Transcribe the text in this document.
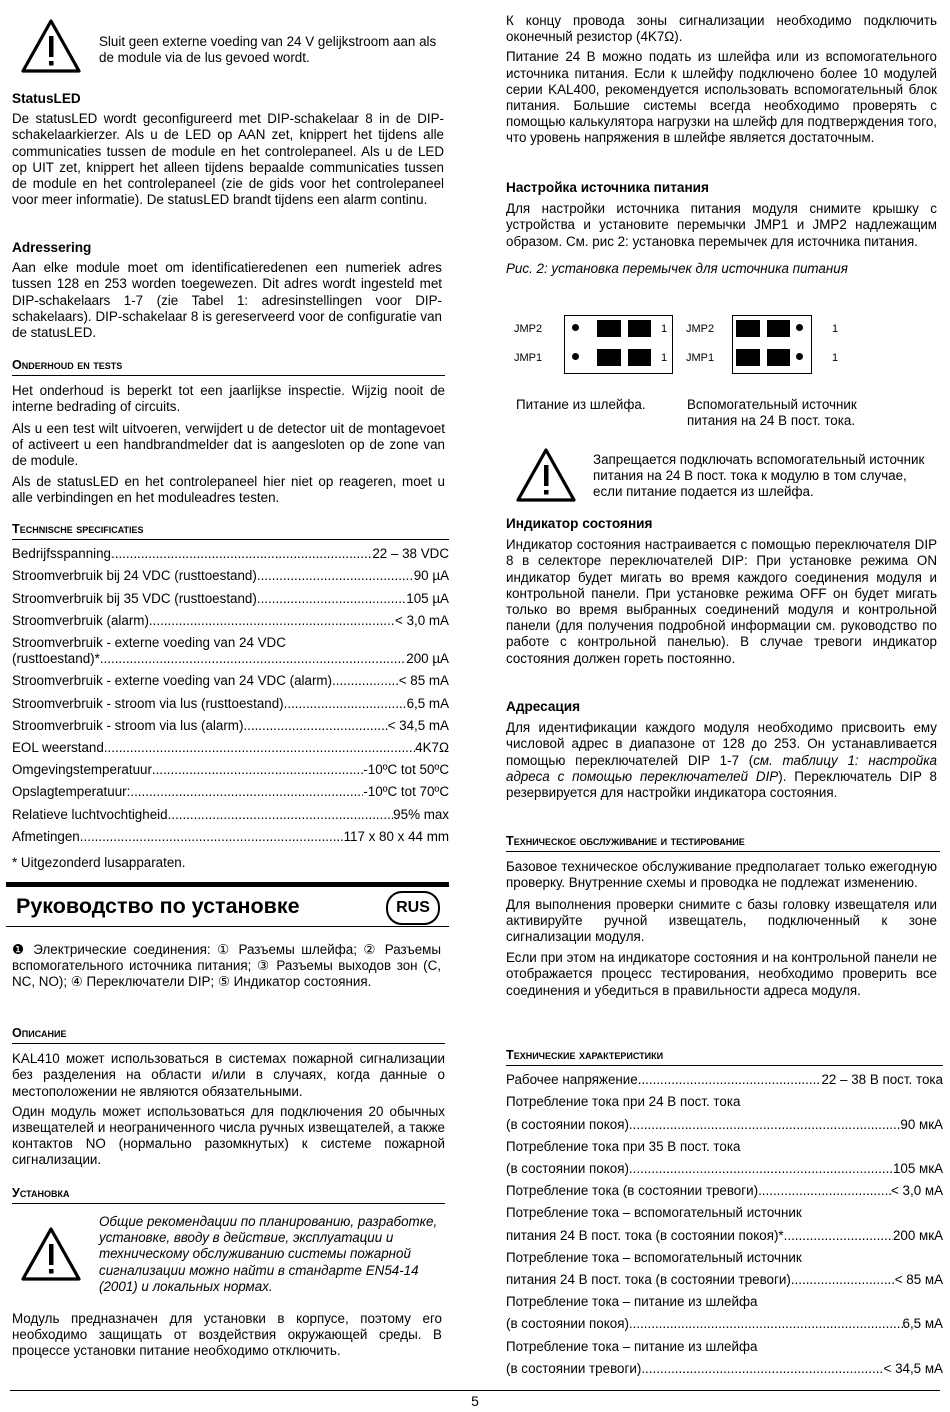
Sluit geen externe voeding van 24 V gelijkstroom aan als de module via de lus gevoed wordt.

StatusLED

De statusLED wordt geconfigureerd met DIP-schakelaar 8 in de DIP-schakelaarkierzer. Als u de LED op AAN zet, knippert het tijdens alle communicaties tussen de module en het controlepaneel. Als u de LED op UIT zet, knippert het alleen tijdens bepaalde communicaties tussen de module en het controlepaneel (zie de gids voor het controlepaneel voor meer informatie). De statusLED brandt tijdens een alarm continu.

Adressering

Aan elke module moet om identificatieredenen een numeriek adres tussen 128 en 253 worden toegewezen. Dit adres wordt ingesteld met DIP-schakelaars 1-7 (zie Tabel 1: adresinstellingen voor DIP-schakelaars). DIP-schakelaar 8 is gereserveerd voor de configuratie van de statusLED.

Onderhoud en tests

Het onderhoud is beperkt tot een jaarlijkse inspectie. Wijzig nooit de interne bedrading of circuits.

Als u een test wilt uitvoeren, verwijdert u de detector uit de montagevoet of activeert u een handbrandmelder dat is aangesloten op de zone van de module.

Als de statusLED en het controlepaneel hier niet op reageren, moet u alle verbindingen en het moduleadres testen.

Technische specificaties

Bedrijfsspanning .....	22 – 38 VDC
Stroomverbruik bij 24 VDC (rusttoestand) .....	90 µA
Stroomverbruik bij 35 VDC (rusttoestand) .....	105 µA
Stroomverbruik (alarm) .....	< 3,0 mA
Stroomverbruik - externe voeding van 24 VDC
(rusttoestand)* .....	200 µA
Stroomverbruik - externe voeding van 24 VDC (alarm) .....	< 85 mA
Stroomverbruik - stroom via lus (rusttoestand) .....	6,5 mA
Stroomverbruik - stroom via lus (alarm) .....	< 34,5 mA
EOL weerstand .....	4K7Ω
Omgevingstemperatuur .....	-10ºC tot 50ºC
Opslagtemperatuur: .....	-10ºC tot 70ºC
Relatieve luchtvochtigheid .....	95% max
Afmetingen .....	117 x 80 x 44 mm

* Uitgezonderd lusapparaten.

Руководство по установке	RUS

❶ Электрические соединения: ① Разъемы шлейфа; ② Разъемы вспомогательного источника питания; ③ Разъемы выходов зон (C, NC, NO); ④ Переключатели DIP; ⑤ Индикатор состояния.

Описание

KAL410 может использоваться в системах пожарной сигнализации без разделения на области и/или в случаях, когда данные о местоположении не являются обязательными.

Один модуль может использоваться для подключения 20 обычных извещателей и неограниченного числа ручных извещателей, а также контактов NO (нормально разомкнутых) к системе пожарной сигнализации.

Установка

Общие рекомендации по планированию, разработке, установке, вводу в действие, эксплуатации и техническому обслуживанию системы пожарной сигнализации можно найти в стандарте EN54-14 (2001) и локальных нормах.

Модуль предназначен для установки в корпусе, поэтому его необходимо защищать от воздействия окружающей среды. В процессе установки питание необходимо отключить.

К концу провода зоны сигнализации необходимо подключить оконечный резистор (4K7Ω).

Питание 24 В можно подать из шлейфа или из вспомогательного источника питания. Если к шлейфу подключено более 10 модулей серии KAL400, рекомендуется использовать вспомогательный блок питания. Большие системы всегда необходимо проверять с помощью калькулятора нагрузки на шлейф для подтверждения того, что уровень напряжения в шлейфе является достаточным.

Настройка источника питания

Для настройки источника питания модуля снимите крышку с устройства и установите перемычки JMP1 и JMP2 надлежащим образом. См. рис 2: установка перемычек для источника питания.

Рис. 2: установка перемычек для источника питания

JMP2
JMP1
1
1
JMP2
JMP1
1
1

Питание из шлейфа.	Вспомогательный источник питания на 24 В пост. тока.

Запрещается подключать вспомогательный источник питания на 24 В пост. тока к модулю в том случае, если питание подается из шлейфа.

Индикатор состояния

Индикатор состояния настраивается с помощью переключателя DIP 8 в селекторе переключателей DIP: При установке режима ON индикатор будет мигать во время каждого соединения модуля и контрольной панели. При установке режима OFF он будет мигать только во время выбранных соединений модуля и контрольной панели (для получения подробной информации см. руководство по работе с контрольной панелью). В случае тревоги индикатор состояния должен гореть постоянно.

Адресация

Для идентификации каждого модуля необходимо присвоить ему числовой адрес в диапазоне от 128 до 253. Он устанавливается помощью переключателей DIP 1-7 (см. таблицу 1: настройка адреса с помощью переключателей DIP). Переключатель DIP 8 резервируется для настройки индикатора состояния.

Техническое обслуживание и тестирование

Базовое техническое обслуживание предполагает только ежегодную проверку. Внутренние схемы и проводка не подлежат изменению.

Для выполнения проверки снимите с базы головку извещателя или активируйте ручной извещатель, подключенный к зоне сигнализации модуля.

Если при этом на индикаторе состояния и на контрольной панели не отображается процесс тестирования, необходимо проверить все соединения и убедиться в правильности адреса модуля.

Технические характеристики

Рабочее напряжение .....	22 – 38 В пост. тока
Потребление тока при 24 В пост. тока
(в состоянии покоя) .....	90 мкА
Потребление тока при 35 В пост. тока
(в состоянии покоя) .....	105 мкА
Потребление тока (в состоянии тревоги) .....	< 3,0 мА
Потребление тока – вспомогательный источник
питания 24 В пост. тока (в состоянии покоя)* .....	200 мкА
Потребление тока – вспомогательный источник
питания 24 В пост. тока (в состоянии тревоги) .....	< 85 мА
Потребление тока – питание из шлейфа
(в состоянии покоя) .....	6,5 мА
Потребление тока – питание из шлейфа
(в состоянии тревоги) .....	< 34,5 мА
5
